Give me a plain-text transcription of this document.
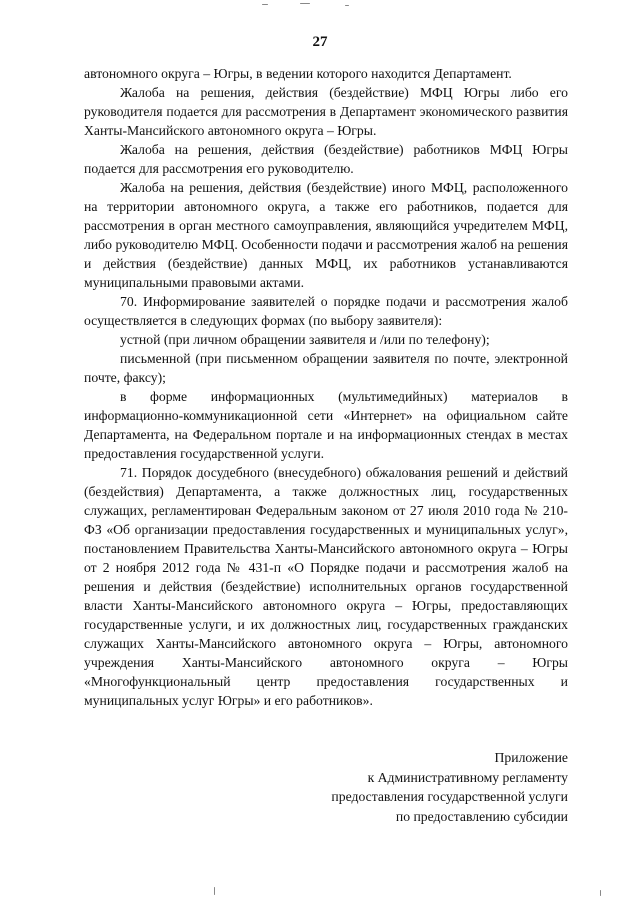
27

автономного округа – Югры, в ведении которого находится Департамент.

Жалоба на решения, действия (бездействие) МФЦ Югры либо его руководителя подается для рассмотрения в Департамент экономического развития Ханты-Мансийского автономного округа – Югры.

Жалоба на решения, действия (бездействие) работников МФЦ Югры подается для рассмотрения его руководителю.

Жалоба на решения, действия (бездействие) иного МФЦ, расположенного на территории автономного округа, а также его работников, подается для рассмотрения в орган местного самоуправления, являющийся учредителем МФЦ, либо руководителю МФЦ. Особенности подачи и рассмотрения жалоб на решения и действия (бездействие) данных МФЦ, их работников устанавливаются муниципальными правовыми актами.

70. Информирование заявителей о порядке подачи и рассмотрения жалоб осуществляется в следующих формах (по выбору заявителя):

устной (при личном обращении заявителя и /или по телефону);

письменной (при письменном обращении заявителя по почте, электронной почте, факсу);

в форме информационных (мультимедийных) материалов в информационно-коммуникационной сети «Интернет» на официальном сайте Департамента, на Федеральном портале и на информационных стендах в местах предоставления государственной услуги.

71. Порядок досудебного (внесудебного) обжалования решений и действий (бездействия) Департамента, а также должностных лиц, государственных служащих, регламентирован Федеральным законом от 27 июля 2010 года № 210-ФЗ «Об организации предоставления государственных и муниципальных услуг», постановлением Правительства Ханты-Мансийского автономного округа – Югры от 2 ноября 2012 года № 431-п «О Порядке подачи и рассмотрения жалоб на решения и действия (бездействие) исполнительных органов государственной власти Ханты-Мансийского автономного округа – Югры, предоставляющих государственные услуги, и их должностных лиц, государственных гражданских служащих Ханты-Мансийского автономного округа – Югры, автономного учреждения Ханты-Мансийского автономного округа – Югры «Многофункциональный центр предоставления государственных и муниципальных услуг Югры» и его работников».

Приложение
к Административному регламенту
предоставления государственной услуги
по предоставлению субсидии
